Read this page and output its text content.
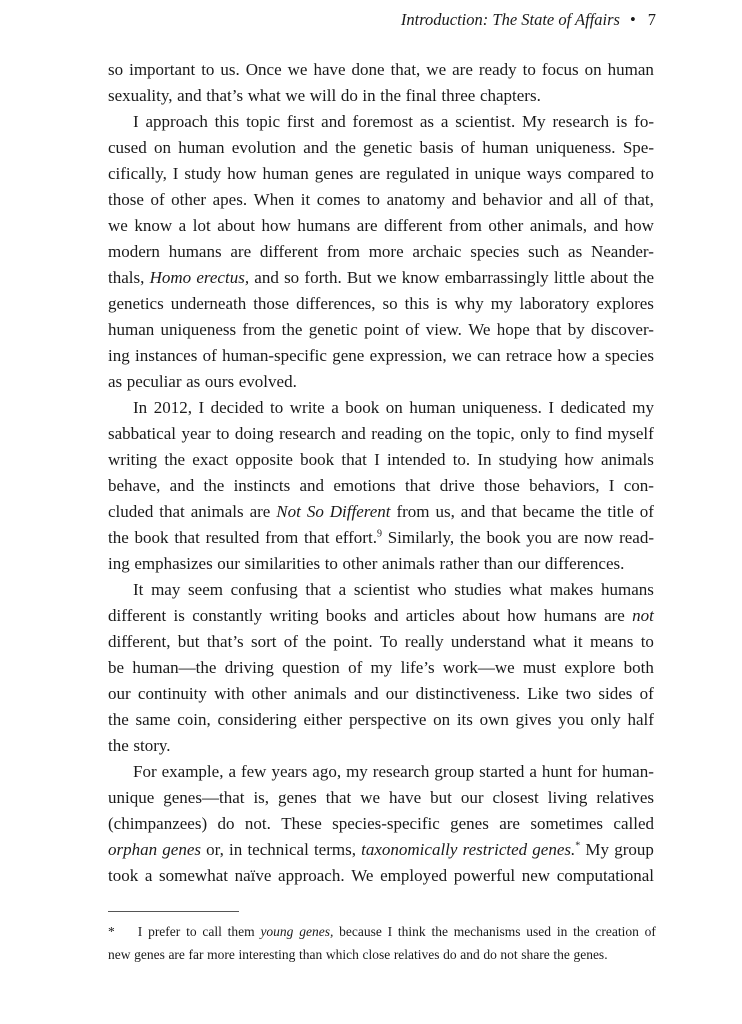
Introduction: The State of Affairs • 7
so important to us. Once we have done that, we are ready to focus on human
sexuality, and that’s what we will do in the final three chapters.
I approach this topic first and foremost as a scientist. My research is fo-
cused on human evolution and the genetic basis of human uniqueness. Spe-
cifically, I study how human genes are regulated in unique ways compared to
those of other apes. When it comes to anatomy and behavior and all of that,
we know a lot about how humans are different from other animals, and how
modern humans are different from more archaic species such as Neander-
thals, Homo erectus, and so forth. But we know embarrassingly little about the
genetics underneath those differences, so this is why my laboratory explores
human uniqueness from the genetic point of view. We hope that by discover-
ing instances of human-specific gene expression, we can retrace how a species
as peculiar as ours evolved.
In 2012, I decided to write a book on human uniqueness. I dedicated my
sabbatical year to doing research and reading on the topic, only to find myself
writing the exact opposite book that I intended to. In studying how animals
behave, and the instincts and emotions that drive those behaviors, I con-
cluded that animals are Not So Different from us, and that became the title of
the book that resulted from that effort.$^9$ Similarly, the book you are now read-
ing emphasizes our similarities to other animals rather than our differences.
It may seem confusing that a scientist who studies what makes humans
different is constantly writing books and articles about how humans are not
different, but that’s sort of the point. To really understand what it means to
be human—the driving question of my life’s work—we must explore both
our continuity with other animals and our distinctiveness. Like two sides of
the same coin, considering either perspective on its own gives you only half
the story.
For example, a few years ago, my research group started a hunt for human-
unique genes—that is, genes that we have but our closest living relatives
(chimpanzees) do not. These species-specific genes are sometimes called
orphan genes or, in technical terms, taxonomically restricted genes.* My group
took a somewhat naïve approach. We employed powerful new computational
*	I prefer to call them young genes, because I think the mechanisms used in the creation of
new genes are far more interesting than which close relatives do and do not share the genes.
